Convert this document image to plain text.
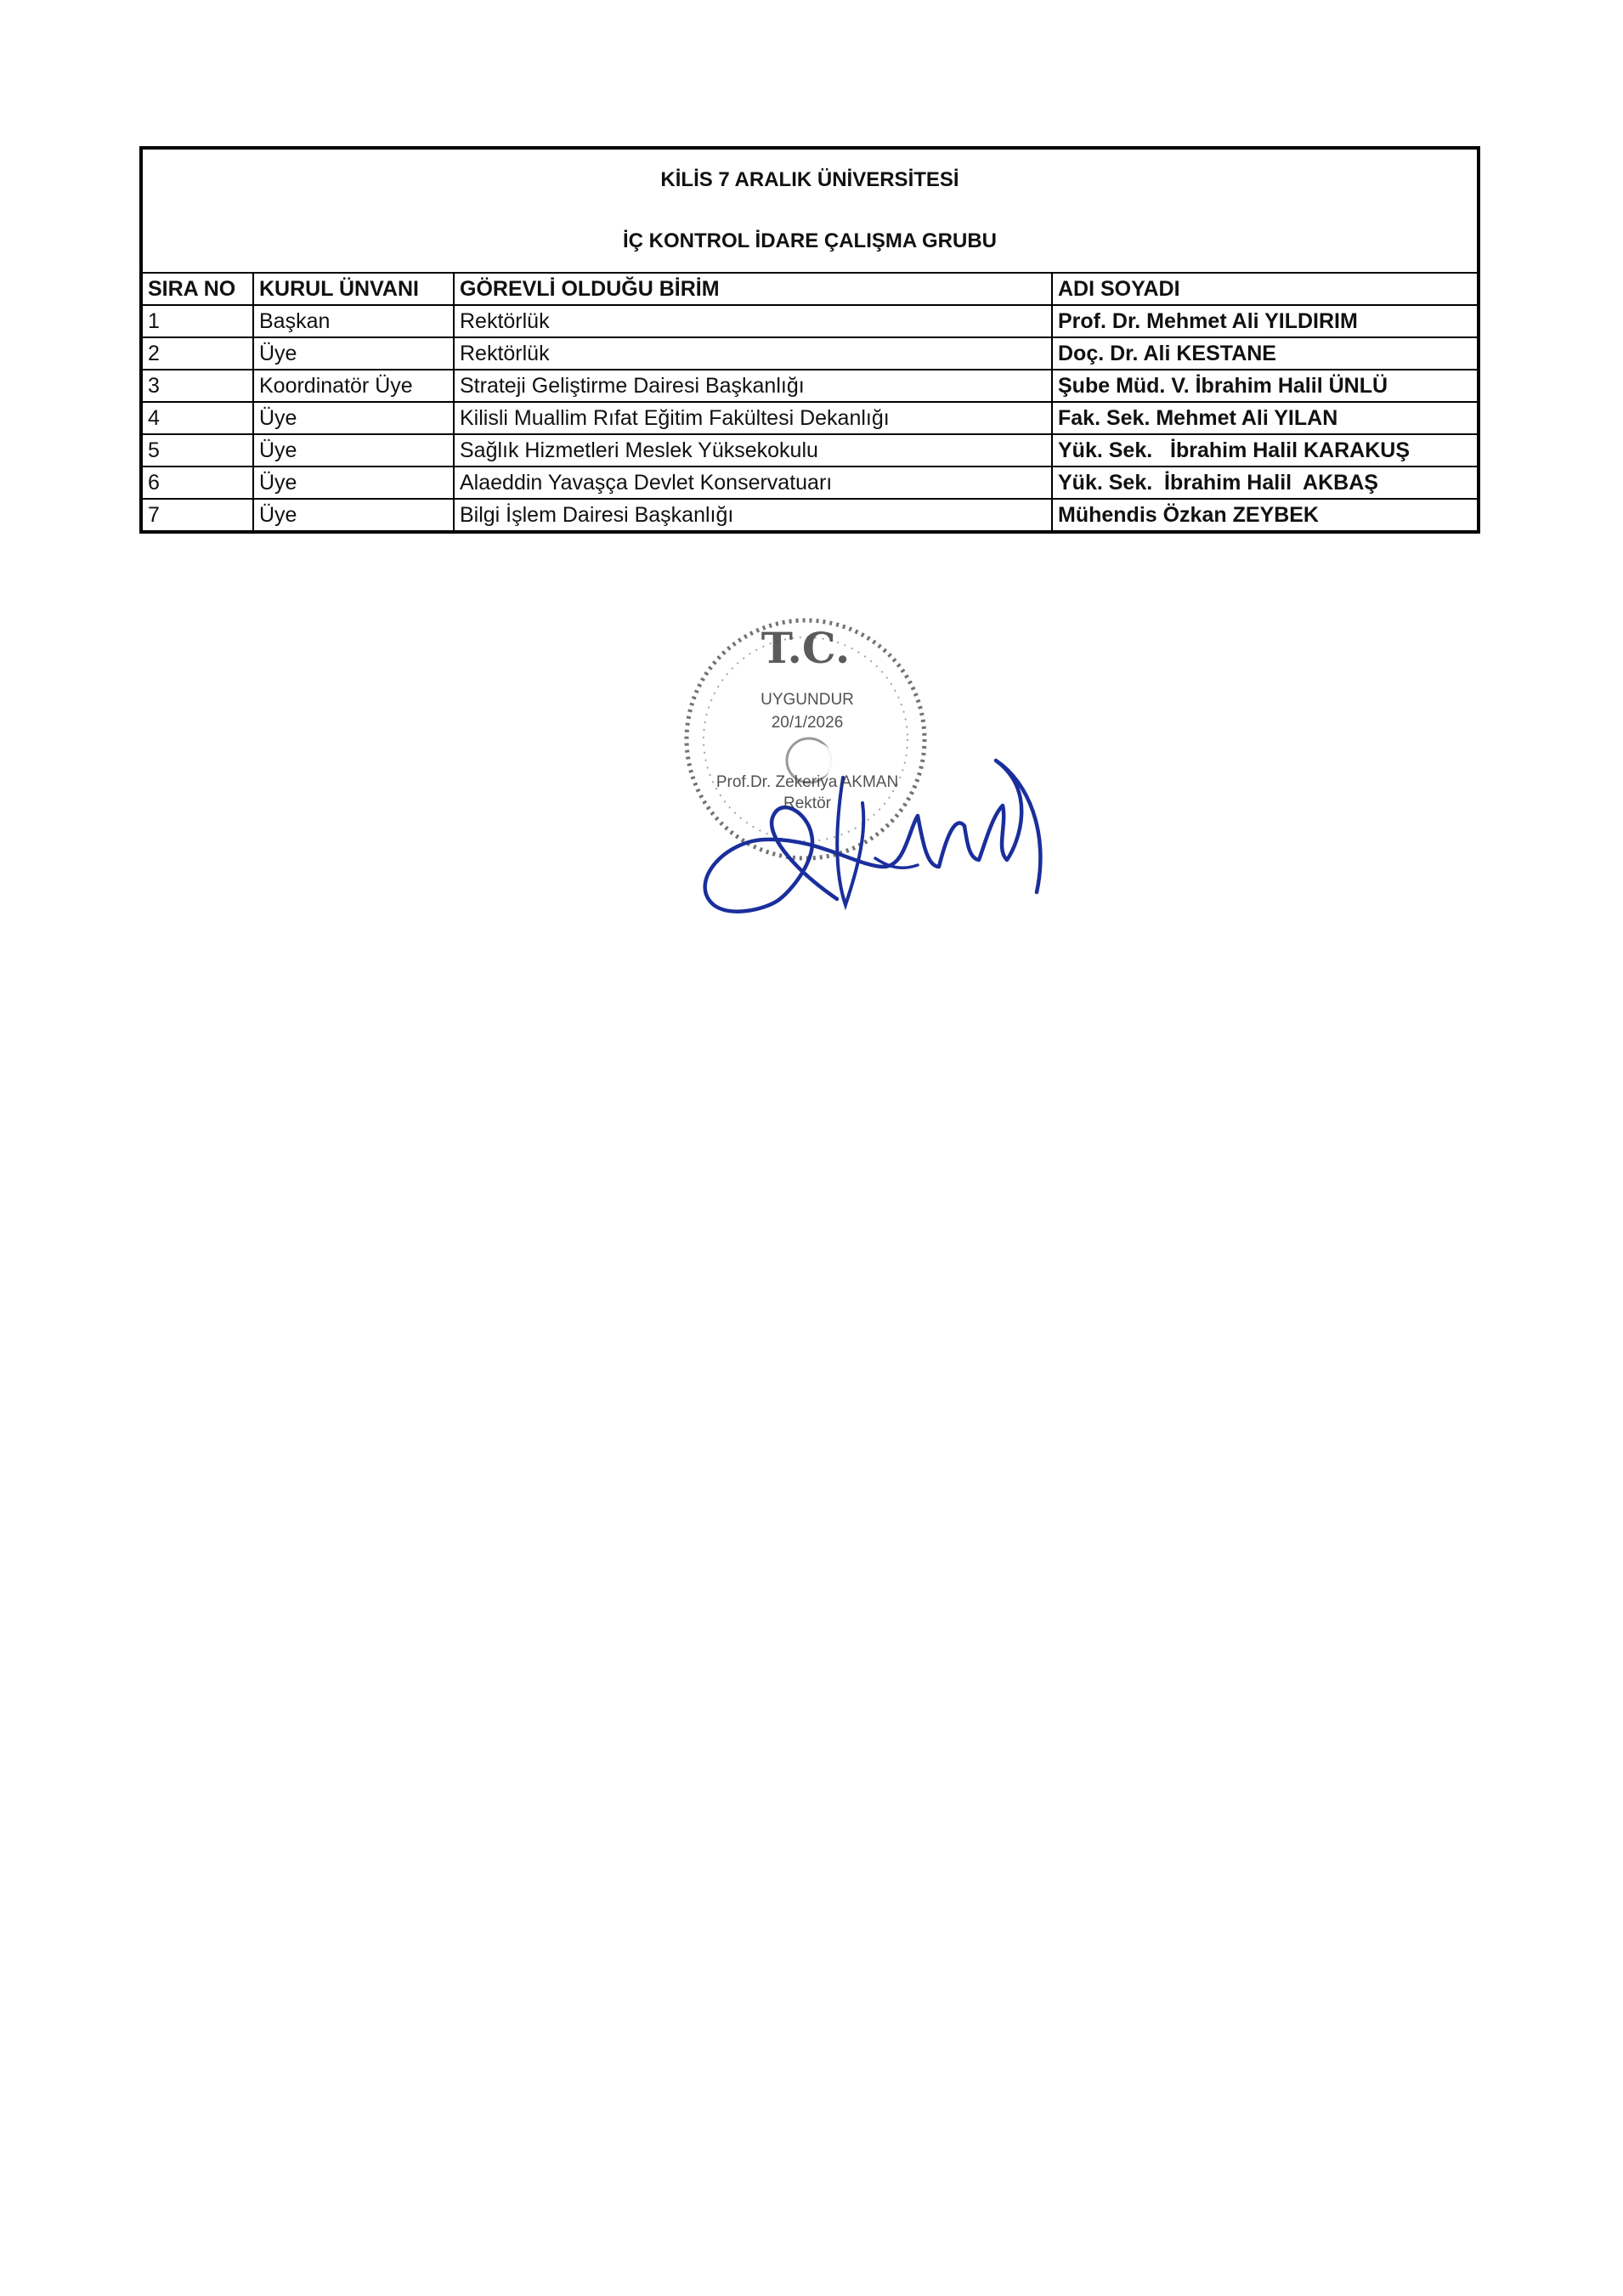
KİLİS 7 ARALIK ÜNİVERSİTESİ
İÇ KONTROL İDARE ÇALIŞMA GRUBU			

SIRA NO	KURUL ÜNVANI	GÖREVLİ OLDUĞU BİRİM	ADI SOYADI
1	Başkan	Rektörlük	Prof. Dr. Mehmet Ali YILDIRIM
2	Üye	Rektörlük	Doç. Dr. Ali KESTANE
3	Koordinatör Üye	Strateji Geliştirme Dairesi Başkanlığı	Şube Müd. V. İbrahim Halil ÜNLÜ
4	Üye	Kilisli Muallim Rıfat Eğitim Fakültesi Dekanlığı	Fak. Sek. Mehmet Ali YILAN
5	Üye	Sağlık Hizmetleri Meslek Yüksekokulu	Yük. Sek.   İbrahim Halil KARAKUŞ
6	Üye	Alaeddin Yavaşça Devlet Konservatuarı	Yük. Sek.  İbrahim Halil  AKBAŞ
7	Üye	Bilgi İşlem Dairesi Başkanlığı	Mühendis Özkan ZEYBEK
T.C.
UYGUNDUR
20/1/2026
Prof.Dr. Zekeriya AKMAN
Rektör
